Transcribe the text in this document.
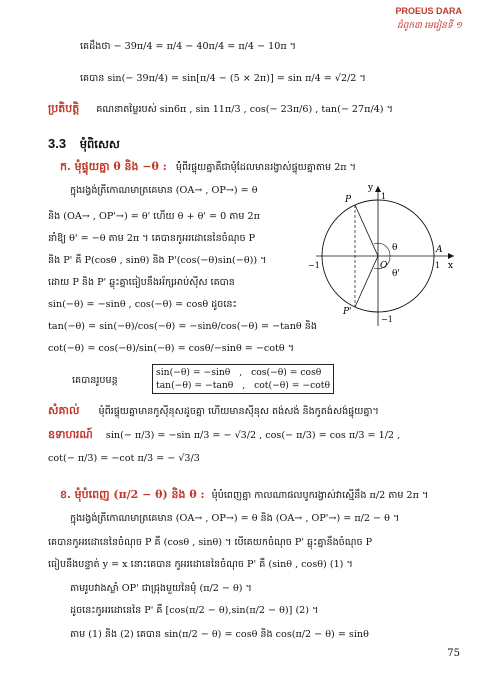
PROEUS DARA
ជំពូក៣ មេរៀនទី ១
គេដឹងថា − 39π/4 = π/4 − 40π/4 = π/4 − 10π ។
គេបាន sin(− 39π/4) = sin[π/4 − (5 × 2π)] = sin π/4 = √2/2 ។
ប្រតិបត្តិ គណនាតម្លៃរបស់ sin6π , sin 11π/3 , cos(− 23π/6) , tan(− 27π/4) ។
3.3 មុំពិសេស
ក. មុំផ្ទុយគ្នា θ និង −θ : ម៉ុំពីរផ្ទុយគ្នាគឺជាមុំដែលមានរង្វាស់ផ្ទុយគ្នាតាម 2π ។
ក្នុងរង្វង់ត្រីកោណមាត្រគេមាន (OA→ , OP→) = θ
និង (OA→ , OP'→) = θ' ហើយ θ + θ' = 0 តាម 2π
នាំឱ្យ θ' = −θ តាម 2π ។ គេបានកូអរដោនេនៃចំណុច P
និង P' គឺ P(cosθ , sinθ) និង P'(cos(−θ)sin(−θ)) ។
ដោយ P និង P' ឆ្លុះគ្នាធៀបនឹងអ័ក្សអាប់ស៊ីស គេបាន
sin(−θ) = −sinθ , cos(−θ) = cosθ ដូចនេះ
tan(−θ) = sin(−θ)/cos(−θ) = −sinθ/cos(−θ) = −tanθ និង
cot(−θ) = cos(−θ)/sin(−θ) = cosθ/−sinθ = −cotθ ។
y
x
1
1
−1
−1
P
P'
A
O
θ
θ'
គេបានរូបមន្ត
sin(−θ) = −sinθ , cos(−θ) = cosθ
tan(−θ) = −tanθ , cot(−θ) = −cotθ
សំគាល់ មុំពីរផ្ទុយគ្នាមានកូស៊ីនុសដូចគ្នា ហើយមានស៊ីនុស តង់សង់ និងកូតង់សង់ផ្ទុយគ្នា។
ឧទាហរណ៍ sin(− π/3) = −sin π/3 = − √3/2 , cos(− π/3) = cos π/3 = 1/2 ,
cot(− π/3) = −cot π/3 = − √3/3
ខ. មុំបំពេញ (π/2 − θ) និង θ : មុំបំពេញគ្នា កាលណាផលបូករង្វាស់វាស្មើនឹង π/2 តាម 2π ។
ក្នុងរង្វង់ត្រីកោណមាត្រគេមាន (OA→ , OP→) = θ និង (OA→ , OP'→) = π/2 − θ ។
គេបានកូអរដោនេនៃចំណុច P គឺ (cosθ , sinθ) ។ បើគេយកចំណុច P' ឆ្លុះគ្នានឹងចំណុច P
ធៀបនឹងបន្ទាត់ y = x នោះគេបាន កូអរដោនេនៃចំណុច P' គឺ (sinθ , cosθ) (1) ។
តាមរូបវាងស្លាំ OP' ជាជ្រុងមួយនៃមុំ (π/2 − θ) ។
ដូចនេះកូអរដោនេនៃ P' គឺ [cos(π/2 − θ),sin(π/2 − θ)] (2) ។
តាម (1) និង (2) គេបាន sin(π/2 − θ) = cosθ និង cos(π/2 − θ) = sinθ
75
